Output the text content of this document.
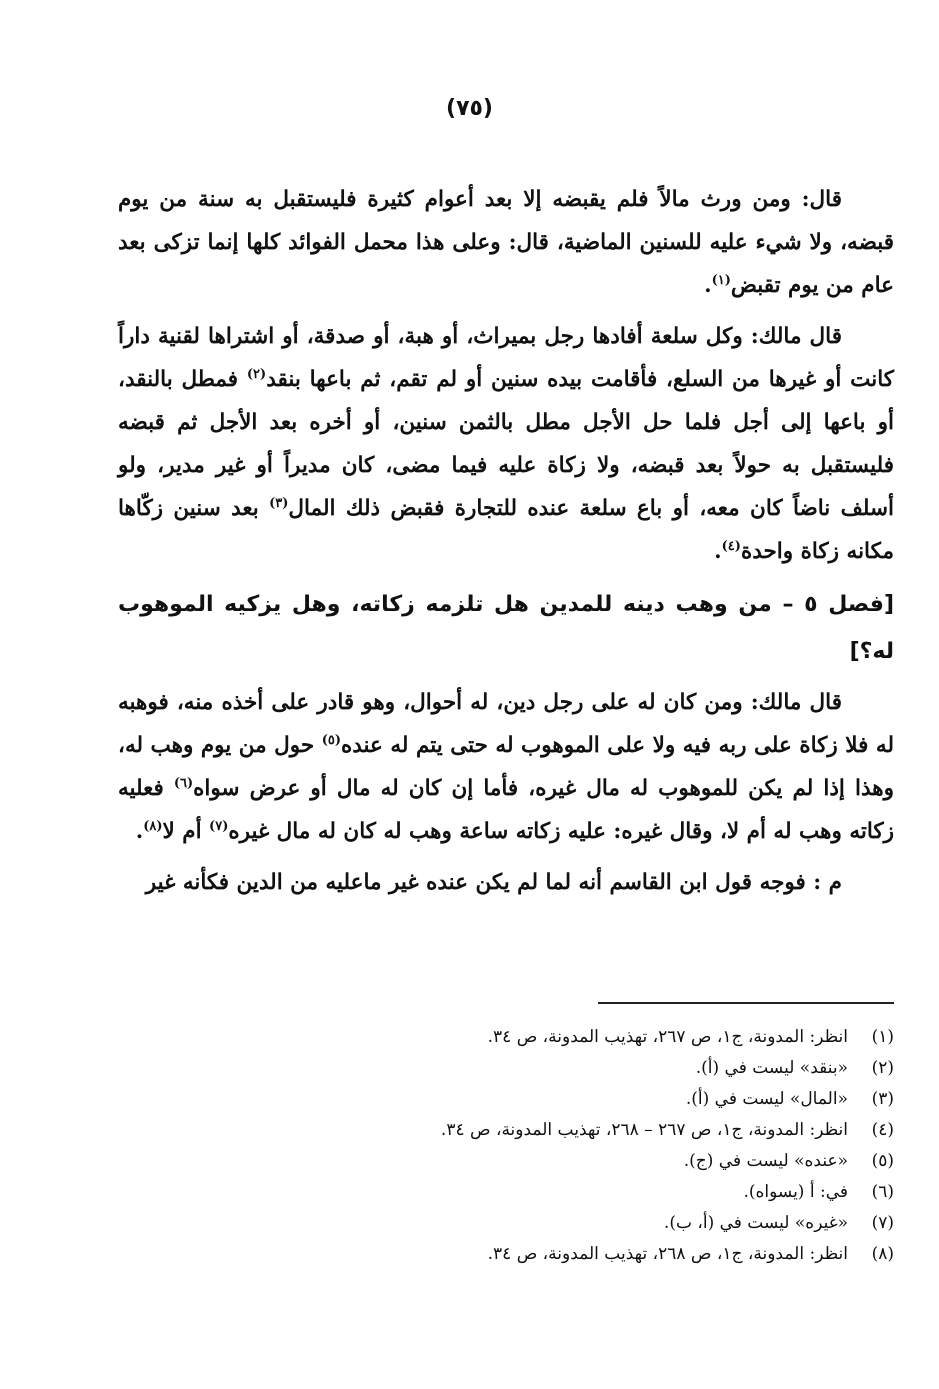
(٧٥)

قال: ومن ورث مالاً فلم يقبضه إلا بعد أعوام كثيرة فليستقبل به سنة من يوم قبضه، ولا شيء عليه للسنين الماضية، قال: وعلى هذا محمل الفوائد كلها إنما تزكى بعد عام من يوم تقبض$^{(١)}$.

قال مالك: وكل سلعة أفادها رجل بميراث، أو هبة، أو صدقة، أو اشتراها لقنية داراً كانت أو غيرها من السلع، فأقامت بيده سنين أو لم تقم، ثم باعها بنقد$^{(٢)}$ فمطل بالنقد، أو باعها إلى أجل فلما حل الأجل مطل بالثمن سنين، أو أخره بعد الأجل ثم قبضه فليستقبل به حولاً بعد قبضه، ولا زكاة عليه فيما مضى، كان مديراً أو غير مدير، ولو أسلف ناضاً كان معه، أو باع سلعة عنده للتجارة فقبض ذلك المال$^{(٣)}$ بعد سنين زكّاها مكانه زكاة واحدة$^{(٤)}$.

[فصل ٥ – من وهب دينه للمدين هل تلزمه زكاته، وهل يزكيه الموهوب له؟]

قال مالك: ومن كان له على رجل دين، له أحوال، وهو قادر على أخذه منه، فوهبه له فلا زكاة على ربه فيه ولا على الموهوب له حتى يتم له عنده$^{(٥)}$ حول من يوم وهب له، وهذا إذا لم يكن للموهوب له مال غيره، فأما إن كان له مال أو عرض سواه$^{(٦)}$ فعليه زكاته وهب له أم لا، وقال غيره: عليه زكاته ساعة وهب له كان له مال غيره$^{(٧)}$ أم لا$^{(٨)}$.

م : فوجه قول ابن القاسم أنه لما لم يكن عنده غير ماعليه من الدين فكأنه غير

(١)انظر: المدونة، ج١، ص ٢٦٧، تهذيب المدونة، ص ٣٤.
(٢)«بنقد» ليست في (أ).
(٣)«المال» ليست في (أ).
(٤)انظر: المدونة، ج١، ص ٢٦٧ – ٢٦٨، تهذيب المدونة، ص ٣٤.
(٥)«عنده» ليست في (ج).
(٦)في: أ (يسواه).
(٧)«غيره» ليست في (أ، ب).
(٨)انظر: المدونة، ج١، ص ٢٦٨، تهذيب المدونة، ص ٣٤.
